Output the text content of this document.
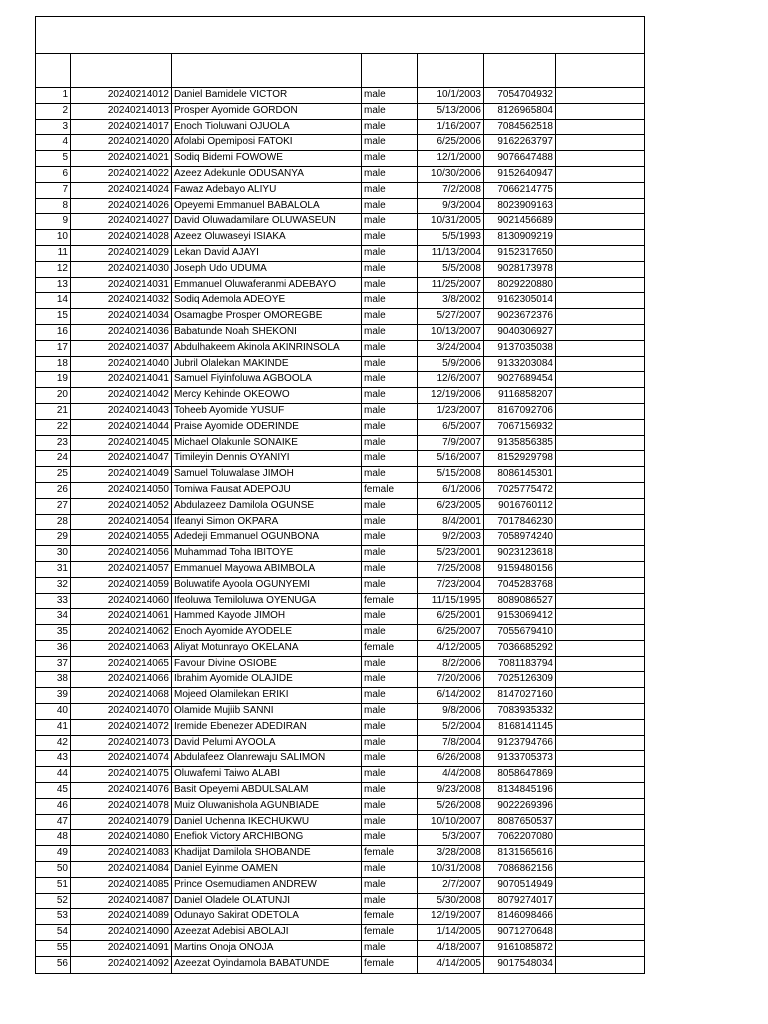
1	20240214012 Daniel Bamidele VICTOR	male	10/1/2003	7054704932
2	20240214013 Prosper Ayomide GORDON	male	5/13/2006	8126965804
3	20240214017 Enoch Tioluwani OJUOLA	male	1/16/2007	7084562518
4	20240214020 Afolabi Opemiposi FATOKI	male	6/25/2006	9162263797
5	20240214021 Sodiq Bidemi FOWOWE	male	12/1/2000	9076647488
6	20240214022 Azeez Adekunle ODUSANYA	male	10/30/2006	9152640947
7	20240214024 Fawaz Adebayo ALIYU	male	7/2/2008	7066214775
8	20240214026 Opeyemi Emmanuel BABALOLA	male	9/3/2004	8023909163
9	20240214027 David Oluwadamilare OLUWASEUN	male	10/31/2005	9021456689
10	20240214028 Azeez Oluwaseyi ISIAKA	male	5/5/1993	8130909219
11	20240214029 Lekan David AJAYI	male	11/13/2004	9152317650
12	20240214030 Joseph Udo UDUMA	male	5/5/2008	9028173978
13	20240214031 Emmanuel Oluwaferanmi ADEBAYO	male	11/25/2007	8029220880
14	20240214032 Sodiq Ademola ADEOYE	male	3/8/2002	9162305014
15	20240214034 Osamagbe Prosper OMOREGBE	male	5/27/2007	9023672376
16	20240214036 Babatunde Noah SHEKONI	male	10/13/2007	9040306927
17	20240214037 Abdulhakeem Akinola AKINRINSOLA	male	3/24/2004	9137035038
18	20240214040 Jubril Olalekan MAKINDE	male	5/9/2006	9133203084
19	20240214041 Samuel Fiyinfoluwa AGBOOLA	male	12/6/2007	9027689454
20	20240214042 Mercy Kehinde OKEOWO	male	12/19/2006	9116858207
21	20240214043 Toheeb Ayomide YUSUF	male	1/23/2007	8167092706
22	20240214044 Praise Ayomide ODERINDE	male	6/5/2007	7067156932
23	20240214045 Michael Olakunle SONAIKE	male	7/9/2007	9135856385
24	20240214047 Timileyin Dennis OYANIYI	male	5/16/2007	8152929798
25	20240214049 Samuel Toluwalase JIMOH	male	5/15/2008	8086145301
26	20240214050 Tomiwa Fausat ADEPOJU	female	6/1/2006	7025775472
27	20240214052 Abdulazeez Damilola OGUNSE	male	6/23/2005	9016760112
28	20240214054 Ifeanyi Simon OKPARA	male	8/4/2001	7017846230
29	20240214055 Adedeji Emmanuel OGUNBONA	male	9/2/2003	7058974240
30	20240214056 Muhammad Toha IBITOYE	male	5/23/2001	9023123618
31	20240214057 Emmanuel Mayowa ABIMBOLA	male	7/25/2008	9159480156
32	20240214059 Boluwatife Ayoola OGUNYEMI	male	7/23/2004	7045283768
33	20240214060 Ifeoluwa Temiloluwa OYENUGA	female	11/15/1995	8089086527
34	20240214061 Hammed Kayode JIMOH	male	6/25/2001	9153069412
35	20240214062 Enoch Ayomide AYODELE	male	6/25/2007	7055679410
36	20240214063 Aliyat Motunrayo OKELANA	female	4/12/2005	7036685292
37	20240214065 Favour Divine OSIOBE	male	8/2/2006	7081183794
38	20240214066 Ibrahim Ayomide OLAJIDE	male	7/20/2006	7025126309
39	20240214068 Mojeed Olamilekan ERIKI	male	6/14/2002	8147027160
40	20240214070 Olamide Mujiib SANNI	male	9/8/2006	7083935332
41	20240214072 Iremide Ebenezer ADEDIRAN	male	5/2/2004	8168141145
42	20240214073 David Pelumi AYOOLA	male	7/8/2004	9123794766
43	20240214074 Abdulafeez Olanrewaju SALIMON	male	6/26/2008	9133705373
44	20240214075 Oluwafemi Taiwo ALABI	male	4/4/2008	8058647869
45	20240214076 Basit Opeyemi ABDULSALAM	male	9/23/2008	8134845196
46	20240214078 Muiz Oluwanishola AGUNBIADE	male	5/26/2008	9022269396
47	20240214079 Daniel Uchenna IKECHUKWU	male	10/10/2007	8087650537
48	20240214080 Enefiok Victory ARCHIBONG	male	5/3/2007	7062207080
49	20240214083 Khadijat Damilola SHOBANDE	female	3/28/2008	8131565616
50	20240214084 Daniel Eyinme OAMEN	male	10/31/2008	7086862156
51	20240214085 Prince Osemudiamen ANDREW	male	2/7/2007	9070514949
52	20240214087 Daniel Oladele OLATUNJI	male	5/30/2008	8079274017
53	20240214089 Odunayo Sakirat ODETOLA	female	12/19/2007	8146098466
54	20240214090 Azeezat Adebisi ABOLAJI	female	1/14/2005	9071270648
55	20240214091 Martins Onoja ONOJA	male	4/18/2007	9161085872
56	20240214092 Azeezat Oyindamola BABATUNDE	female	4/14/2005	9017548034
